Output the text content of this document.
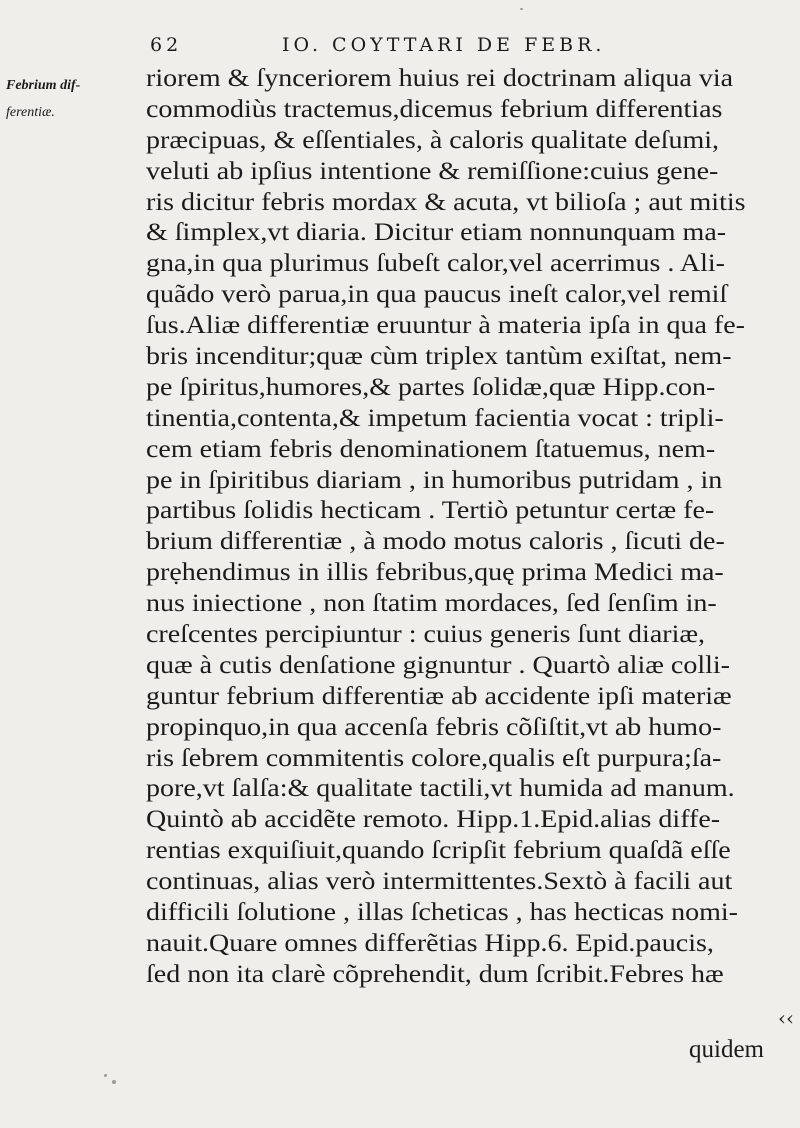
62	IO. COYTTARI DE FEBR.
Febrium dif-
ferentiæ.
riorem & ſynceriorem huius rei doctrinam aliqua via
commodiùs tractemus,dicemus febrium differentias
præcipuas, & eſſentiales, à caloris qualitate deſumi,
veluti ab ipſius intentione & remiſſione:cuius gene-
ris dicitur febris mordax & acuta, vt bilioſa ; aut mitis
& ſimplex,vt diaria. Dicitur etiam nonnunquam ma-
gna,in qua plurimus ſubeſt calor,vel acerrimus . Ali-
quãdo verò parua,in qua paucus ineſt calor,vel remiſ
ſus.Aliæ differentiæ eruuntur à materia ipſa in qua fe-
bris incenditur;quæ cùm triplex tantùm exiſtat, nem-
pe ſpiritus,humores,& partes ſolidæ,quæ Hipp.con-
tinentia,contenta,& impetum facientia vocat : tripli-
cem etiam febris denominationem ſtatuemus, nem-
pe in ſpiritibus diariam , in humoribus putridam , in
partibus ſolidis hecticam . Tertiò petuntur certæ fe-
brium differentiæ , à modo motus caloris , ſicuti de-
prẹhendimus in illis febribus,quę prima Medici ma-
nus iniectione , non ſtatim mordaces, ſed ſenſim in-
creſcentes percipiuntur : cuius generis ſunt diariæ,
quæ à cutis denſatione gignuntur . Quartò aliæ colli-
guntur febrium differentiæ ab accidente ipſi materiæ
propinquo,in qua accenſa febris cõſiſtit,vt ab humo-
ris ſebrem commitentis colore,qualis eſt purpura;ſa-
pore,vt ſalſa:& qualitate tactili,vt humida ad manum.
Quintò ab accidẽte remoto. Hipp.1.Epid.alias diffe-
rentias exquiſiuit,quando ſcripſit febrium quaſdã eſſe
continuas, alias verò intermittentes.Sextò à facili aut
difficili ſolutione , illas ſcheticas , has hecticas nomi-
nauit.Quare omnes differẽtias Hipp.6. Epid.paucis,
ſed non ita clarè cõprehendit, dum ſcribit.Febres hæ
‹‹
quidem
